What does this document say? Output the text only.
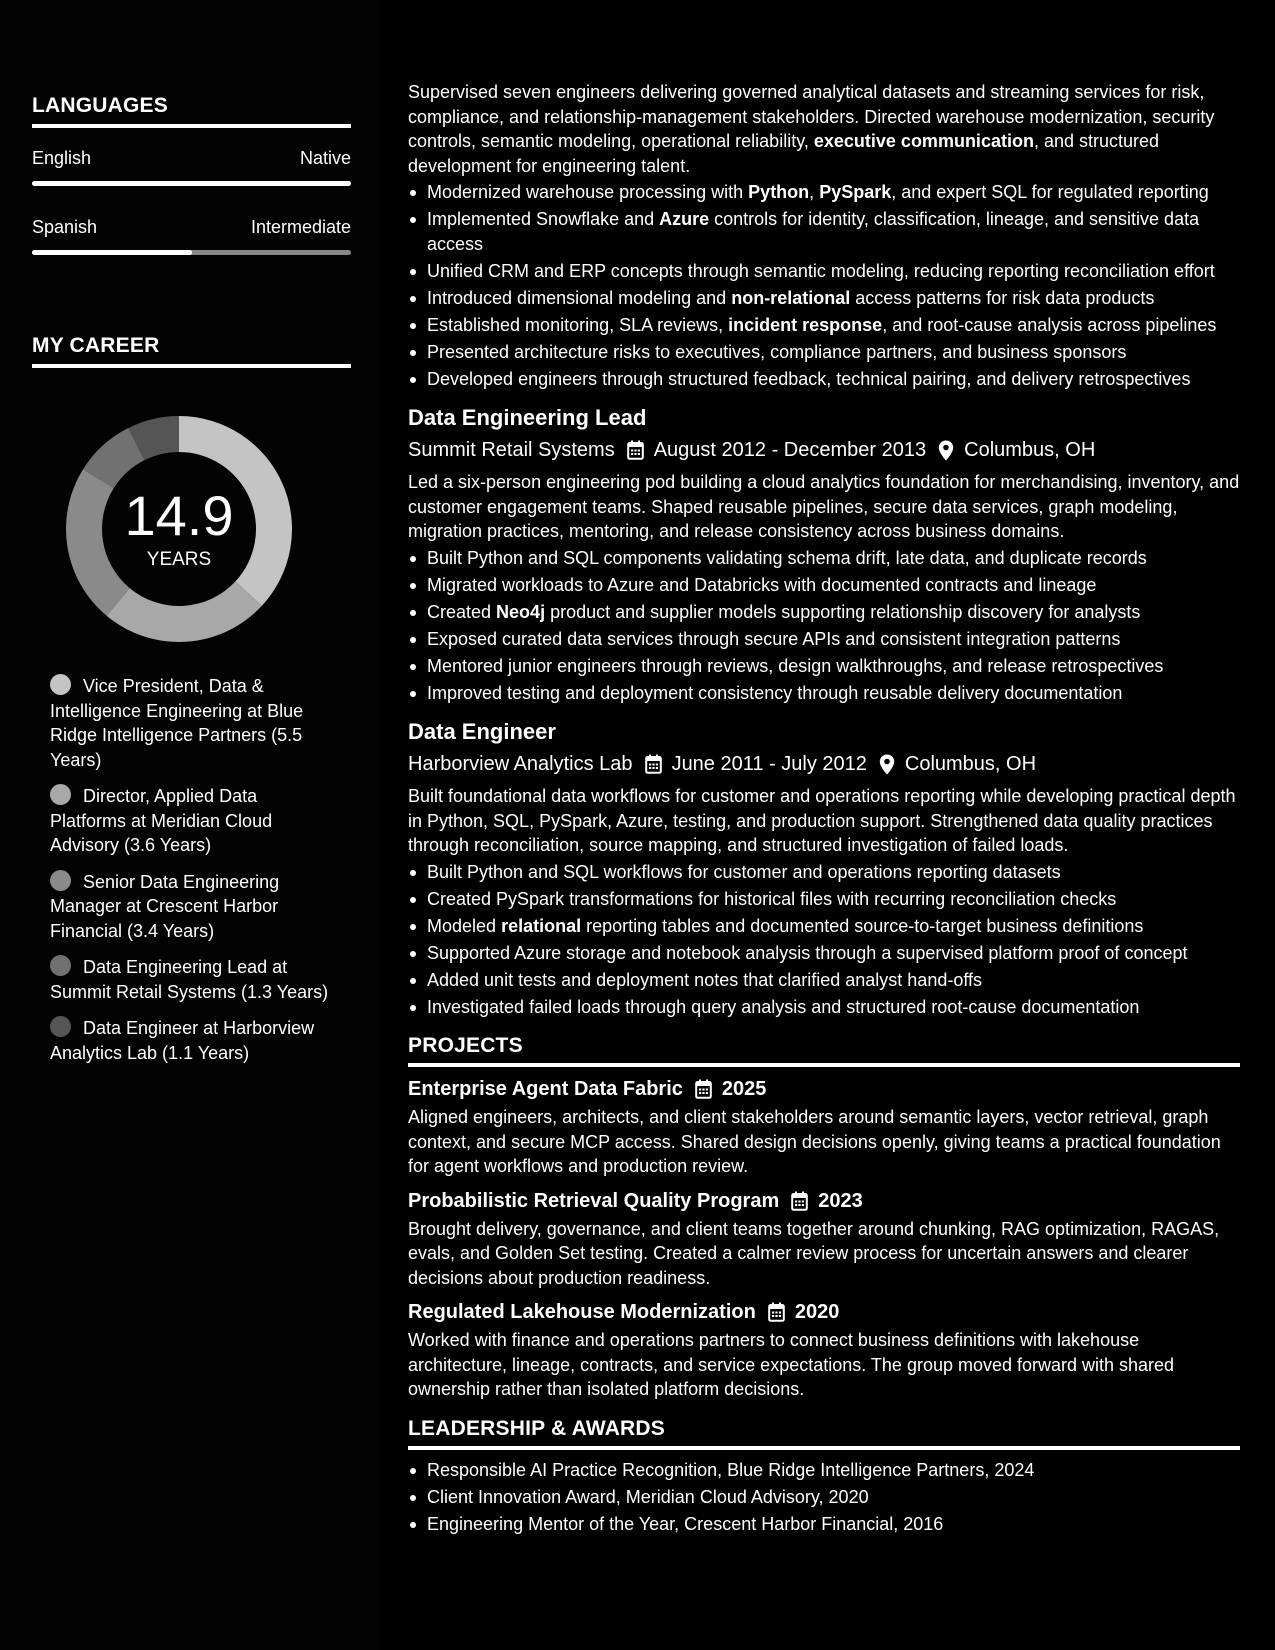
LANGUAGES
English	Native
Spanish	Intermediate
MY CAREER
14.9
YEARS
Vice President, Data & Intelligence Engineering at Blue Ridge Intelligence Partners (5.5 Years)
Director, Applied Data Platforms at Meridian Cloud Advisory (3.6 Years)
Senior Data Engineering Manager at Crescent Harbor Financial (3.4 Years)
Data Engineering Lead at Summit Retail Systems (1.3 Years)
Data Engineer at Harborview Analytics Lab (1.1 Years)

Supervised seven engineers delivering governed analytical datasets and streaming services for risk, compliance, and relationship-management stakeholders. Directed warehouse modernization, security controls, semantic modeling, operational reliability, executive communication, and structured development for engineering talent.

Modernized warehouse processing with Python, PySpark, and expert SQL for regulated reporting
Implemented Snowflake and Azure controls for identity, classification, lineage, and sensitive data access
Unified CRM and ERP concepts through semantic modeling, reducing reporting reconciliation effort
Introduced dimensional modeling and non-relational access patterns for risk data products
Established monitoring, SLA reviews, incident response, and root-cause analysis across pipelines
Presented architecture risks to executives, compliance partners, and business sponsors
Developed engineers through structured feedback, technical pairing, and delivery retrospectives
Data Engineering Lead
Summit Retail Systems August 2012 - December 2013 Columbus, OH

Led a six-person engineering pod building a cloud analytics foundation for merchandising, inventory, and customer engagement teams. Shaped reusable pipelines, secure data services, graph modeling, migration practices, mentoring, and release consistency across business domains.

Built Python and SQL components validating schema drift, late data, and duplicate records
Migrated workloads to Azure and Databricks with documented contracts and lineage
Created Neo4j product and supplier models supporting relationship discovery for analysts
Exposed curated data services through secure APIs and consistent integration patterns
Mentored junior engineers through reviews, design walkthroughs, and release retrospectives
Improved testing and deployment consistency through reusable delivery documentation
Data Engineer
Harborview Analytics Lab June 2011 - July 2012 Columbus, OH

Built foundational data workflows for customer and operations reporting while developing practical depth in Python, SQL, PySpark, Azure, testing, and production support. Strengthened data quality practices through reconciliation, source mapping, and structured investigation of failed loads.

Built Python and SQL workflows for customer and operations reporting datasets
Created PySpark transformations for historical files with recurring reconciliation checks
Modeled relational reporting tables and documented source-to-target business definitions
Supported Azure storage and notebook analysis through a supervised platform proof of concept
Added unit tests and deployment notes that clarified analyst hand-offs
Investigated failed loads through query analysis and structured root-cause documentation
PROJECTS
Enterprise Agent Data Fabric 2025

Aligned engineers, architects, and client stakeholders around semantic layers, vector retrieval, graph context, and secure MCP access. Shared design decisions openly, giving teams a practical foundation for agent workflows and production review.

Probabilistic Retrieval Quality Program 2023

Brought delivery, governance, and client teams together around chunking, RAG optimization, RAGAS, evals, and Golden Set testing. Created a calmer review process for uncertain answers and clearer decisions about production readiness.

Regulated Lakehouse Modernization 2020

Worked with finance and operations partners to connect business definitions with lakehouse architecture, lineage, contracts, and service expectations. The group moved forward with shared ownership rather than isolated platform decisions.

LEADERSHIP & AWARDS
Responsible AI Practice Recognition, Blue Ridge Intelligence Partners, 2024
Client Innovation Award, Meridian Cloud Advisory, 2020
Engineering Mentor of the Year, Crescent Harbor Financial, 2016
